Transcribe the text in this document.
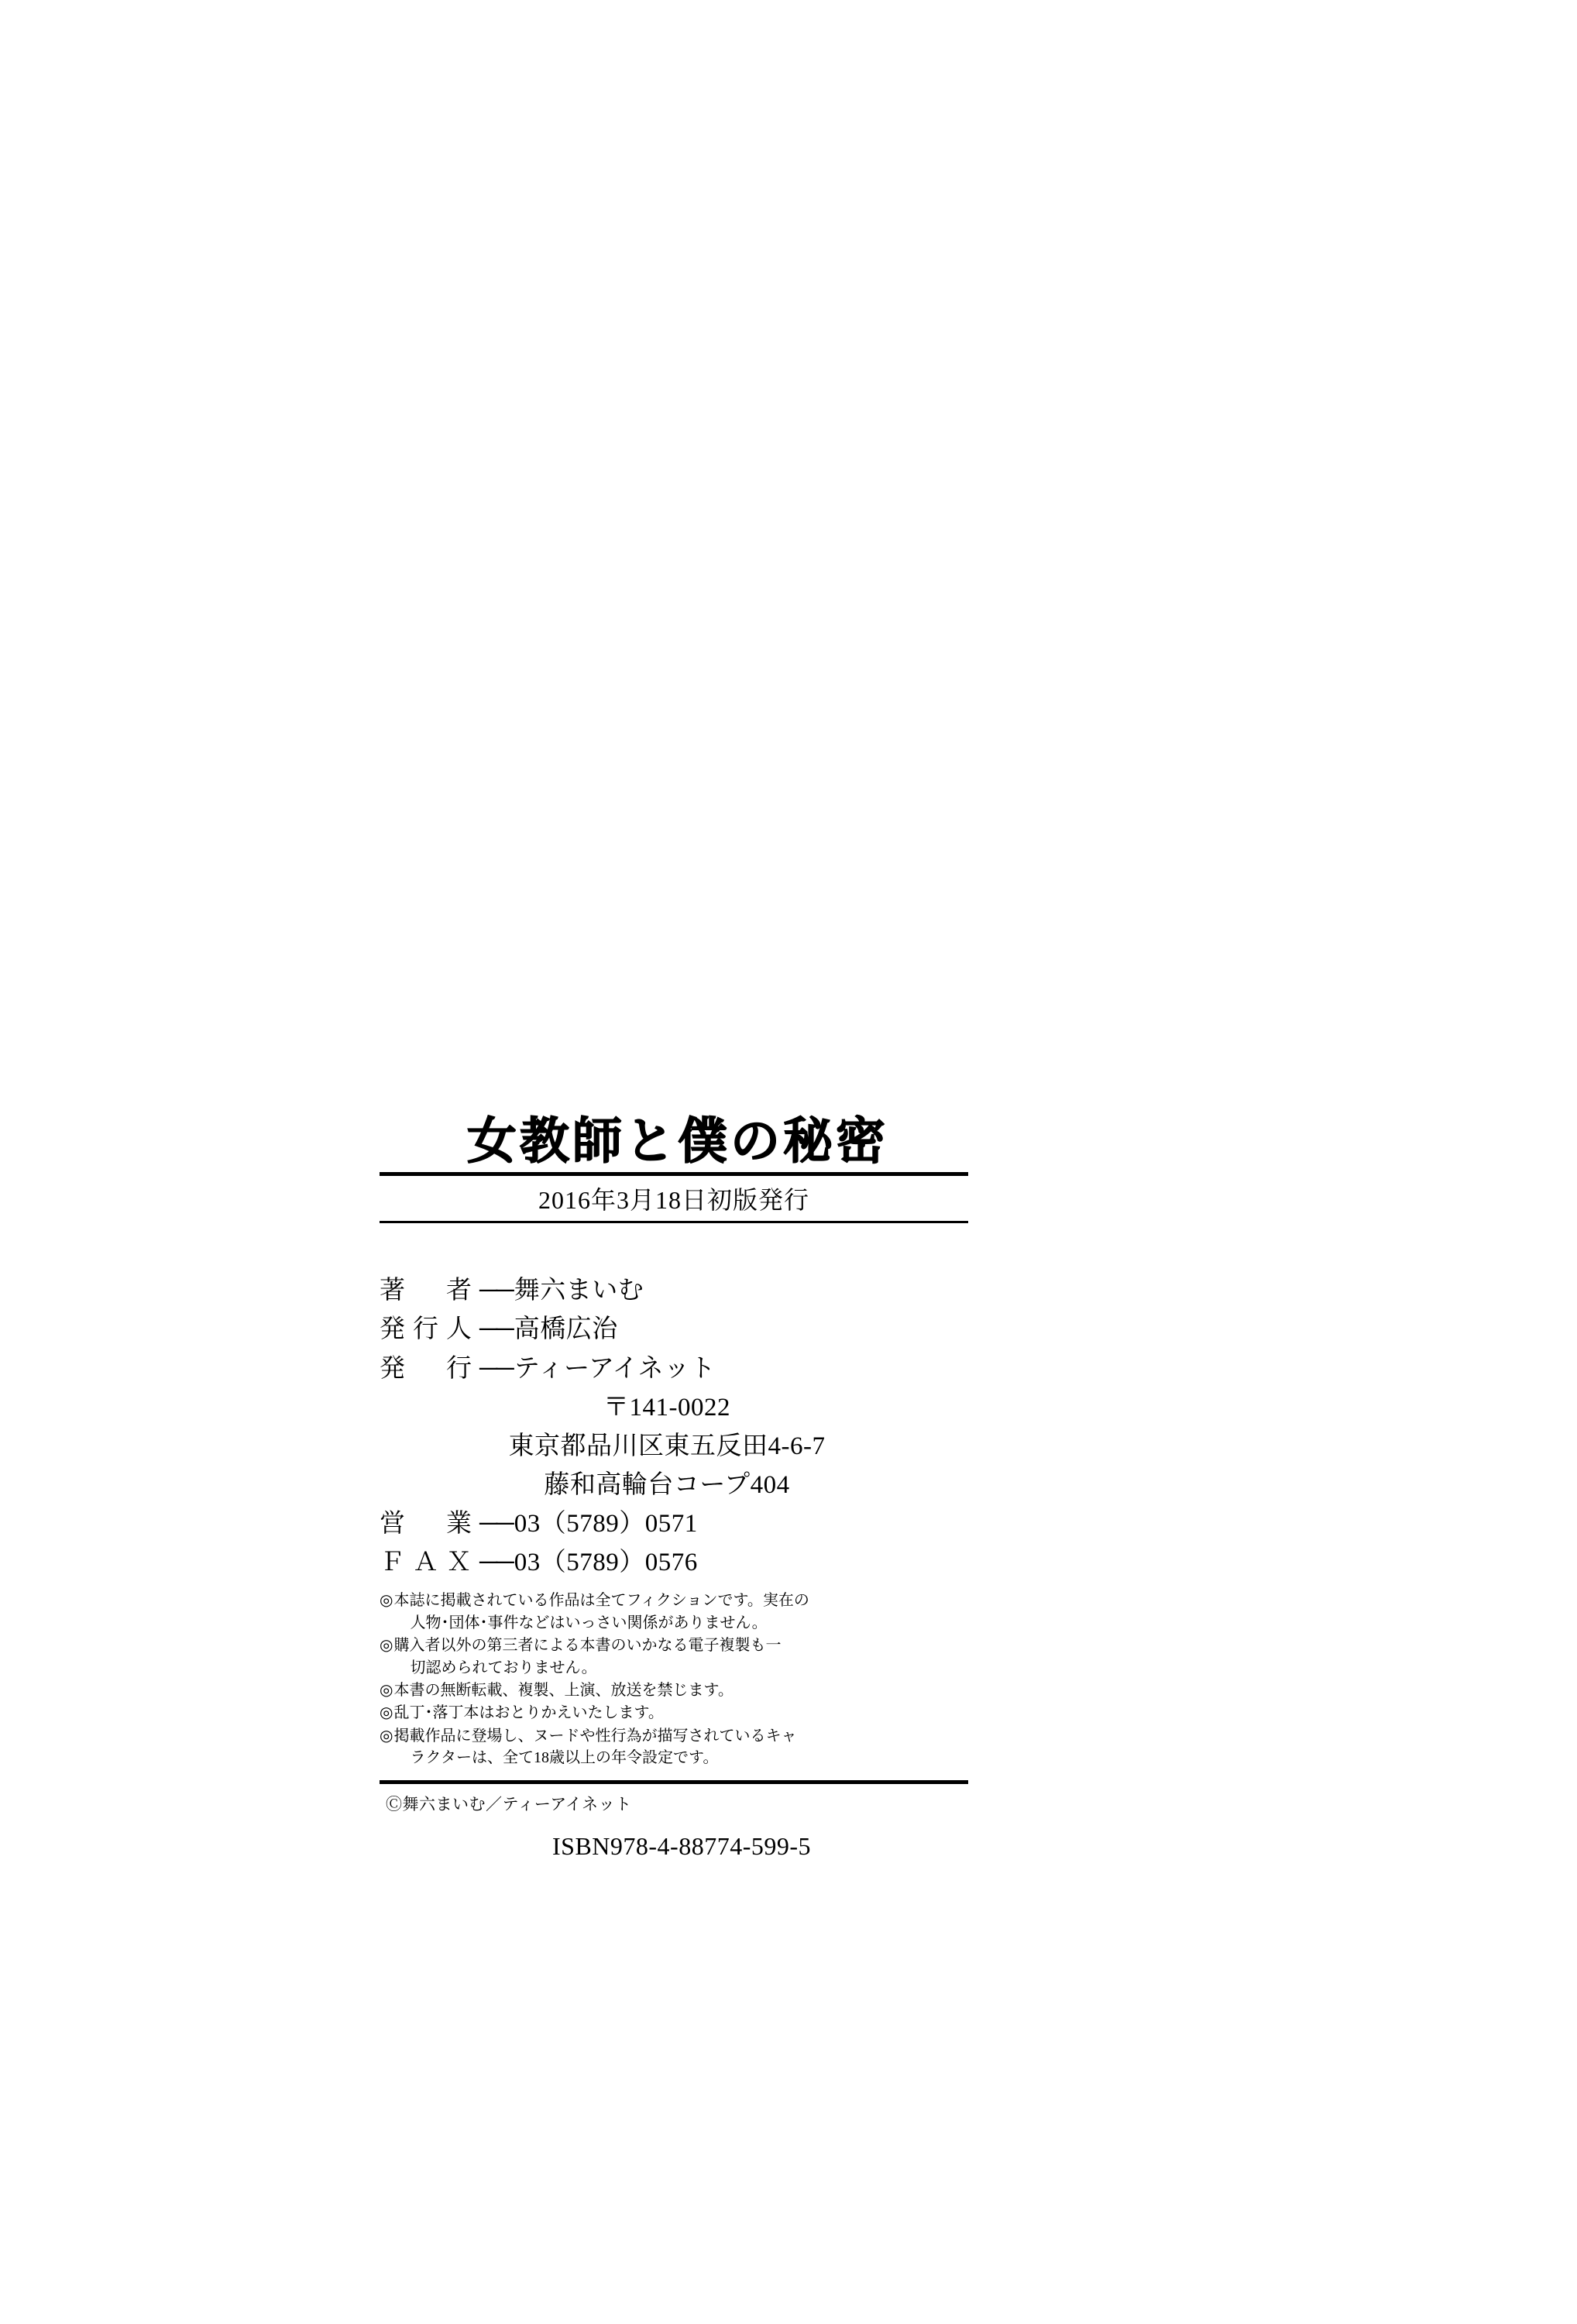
女教師と僕の秘密
2016年3月18日初版発行
著　者 ── 舞六まいむ
発行人 ── 高橋広治
発　行 ── ティーアイネット
〒141-0022
東京都品川区東五反田4-6-7
藤和高輪台コープ404
営　業 ── 03（5789）0571
ＦＡＸ ── 03（5789）0576
◎ 本誌に掲載されている作品は全てフィクションです。実在の
人物･団体･事件などはいっさい関係がありません。
◎ 購入者以外の第三者による本書のいかなる電子複製も一
切認められておりません。
◎ 本書の無断転載、複製、上演、放送を禁じます。
◎ 乱丁･落丁本はおとりかえいたします。
◎ 掲載作品に登場し、ヌードや性行為が描写されているキャ
ラクターは、全て18歳以上の年令設定です。
Ⓒ舞六まいむ／ティーアイネット
ISBN978-4-88774-599-5
